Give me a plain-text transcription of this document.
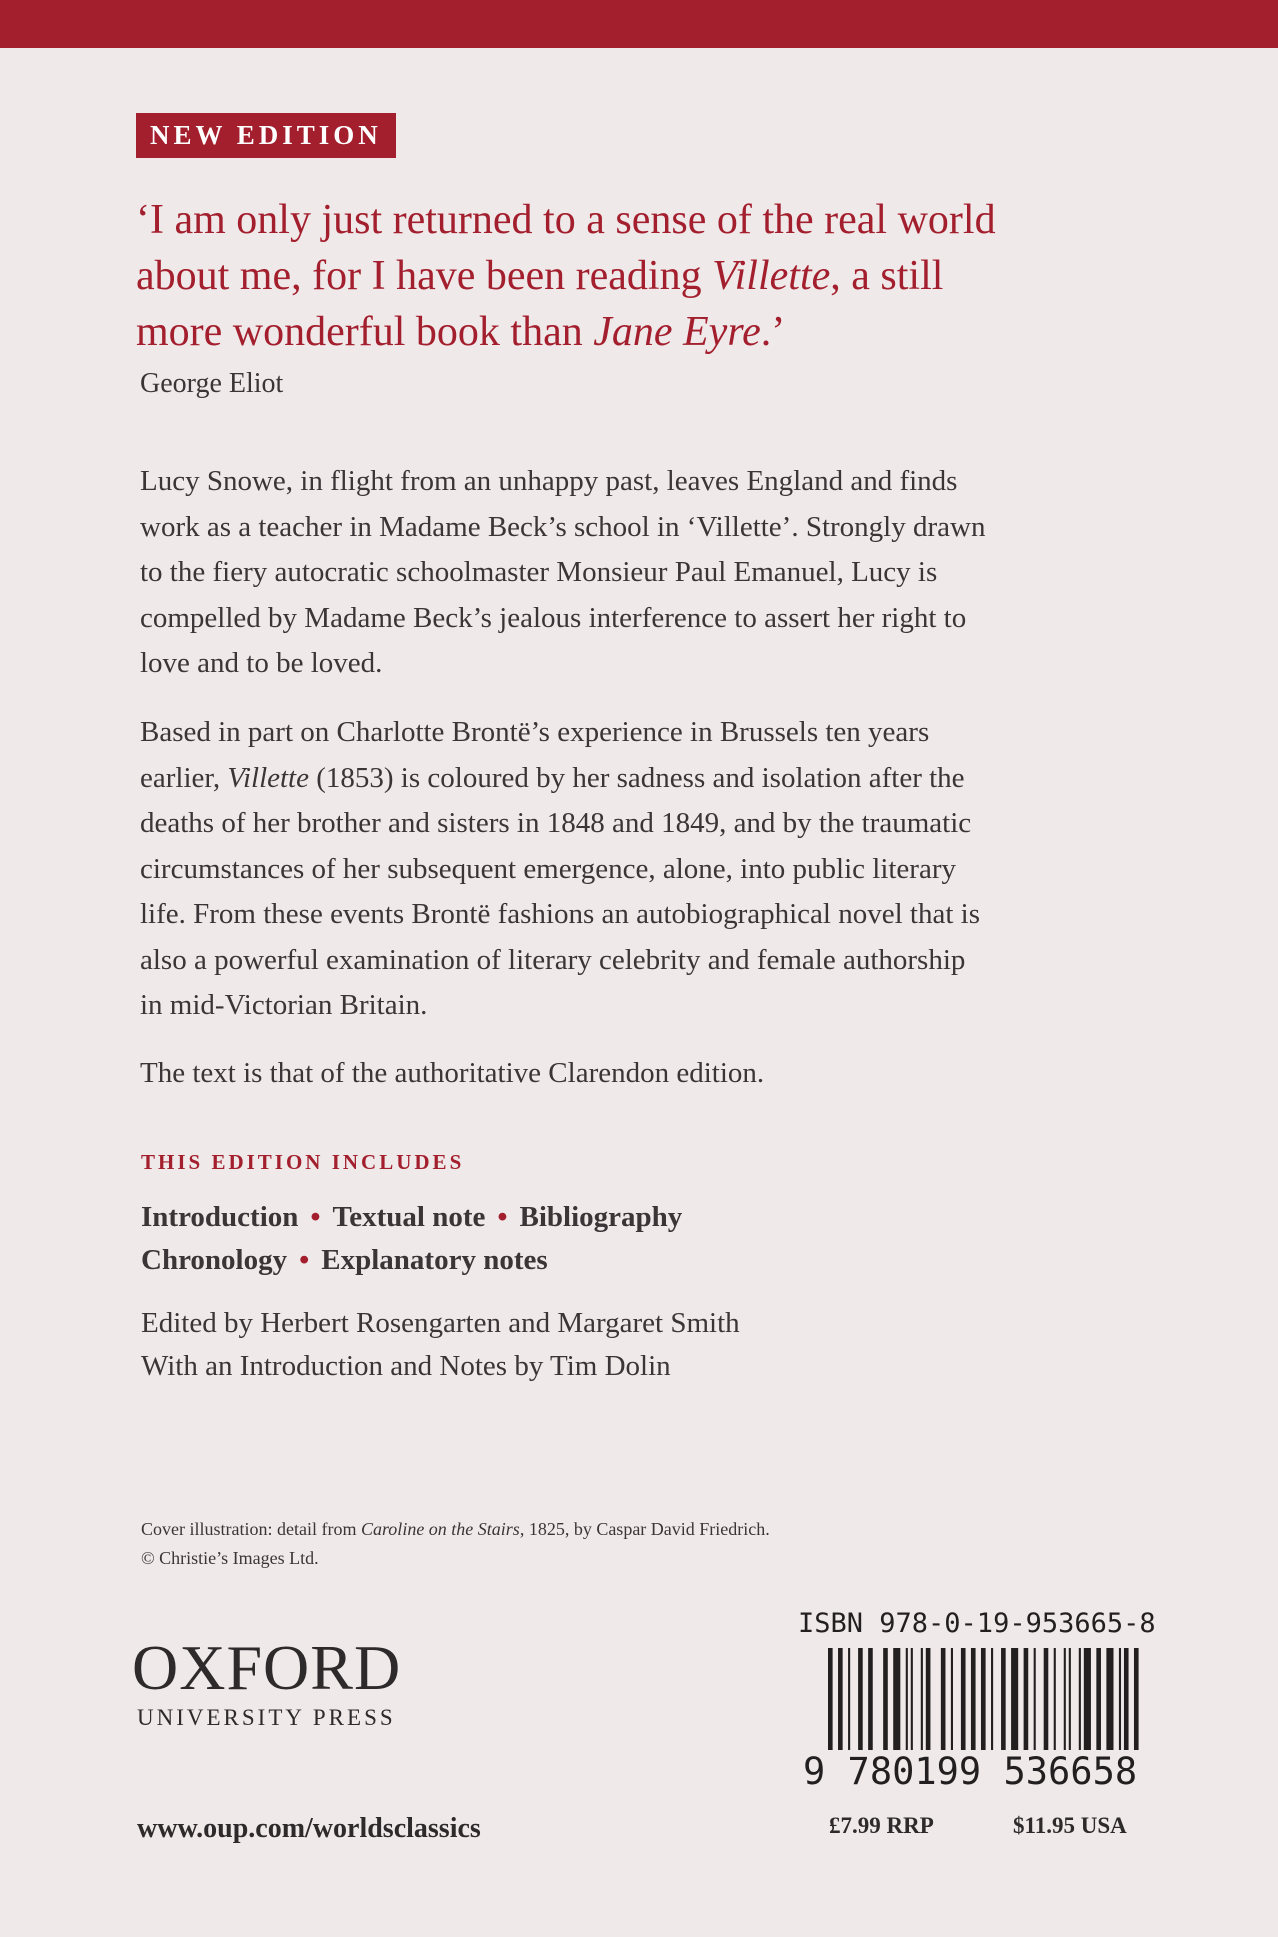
NEW EDITION

‘I am only just returned to a sense of the real world
about me, for I have been reading Villette, a still
more wonderful book than Jane Eyre.’

George Eliot

Lucy Snowe, in flight from an unhappy past, leaves England and finds
work as a teacher in Madame Beck’s school in ‘Villette’. Strongly drawn
to the fiery autocratic schoolmaster Monsieur Paul Emanuel, Lucy is
compelled by Madame Beck’s jealous interference to assert her right to
love and to be loved.

Based in part on Charlotte Brontë’s experience in Brussels ten years
earlier, Villette (1853) is coloured by her sadness and isolation after the
deaths of her brother and sisters in 1848 and 1849, and by the traumatic
circumstances of her subsequent emergence, alone, into public literary
life. From these events Brontë fashions an autobiographical novel that is
also a powerful examination of literary celebrity and female authorship
in mid-Victorian Britain.

The text is that of the authoritative Clarendon edition.

THIS EDITION INCLUDES
Introduction • Textual note • Bibliography
Chronology • Explanatory notes
Edited by Herbert Rosengarten and Margaret Smith
With an Introduction and Notes by Tim Dolin
Cover illustration: detail from Caroline on the Stairs, 1825, by Caspar David Friedrich.
© Christie’s Images Ltd.
OXFORD
UNIVERSITY PRESS
www.oup.com/worldsclassics
ISBN 978-0-19-953665-8
9 780199 536658
£7.99 RRP	$11.95 USA
